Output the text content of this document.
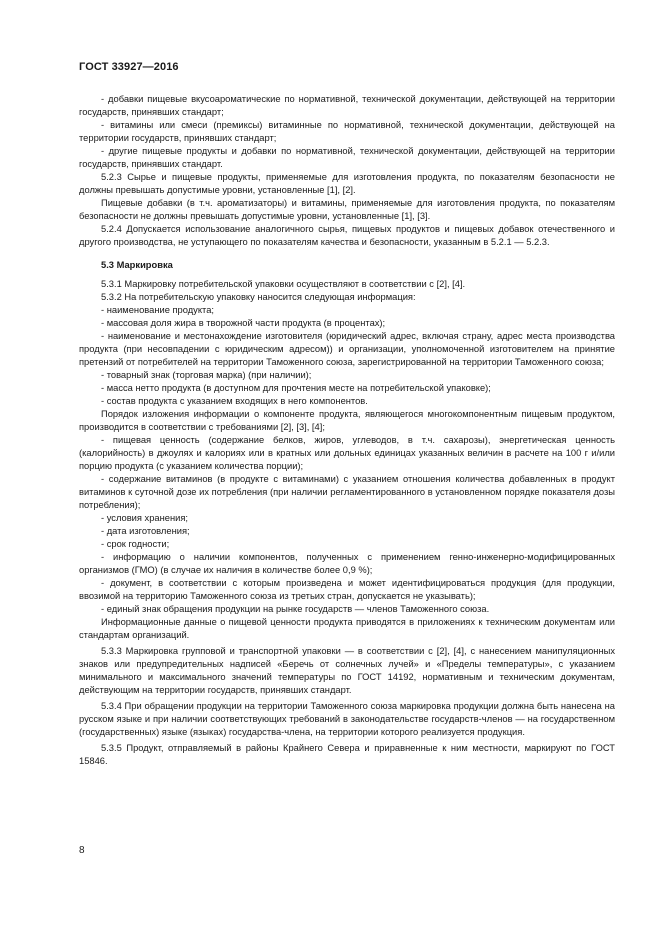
ГОСТ 33927—2016

- добавки пищевые вкусоароматические по нормативной, технической документации, действующей на территории государств, принявших стандарт;

- витамины или смеси (премиксы) витаминные по нормативной, технической документации, действующей на территории государств, принявших стандарт;

- другие пищевые продукты и добавки по нормативной, технической документации, действующей на территории государств, принявших стандарт.

5.2.3 Сырье и пищевые продукты, применяемые для изготовления продукта, по показателям безопасности не должны превышать допустимые уровни, установленные [1], [2].

Пищевые добавки (в т.ч. ароматизаторы) и витамины, применяемые для изготовления продукта, по показателям безопасности не должны превышать допустимые уровни, установленные [1], [3].

5.2.4 Допускается использование аналогичного сырья, пищевых продуктов и пищевых добавок отечественного и другого производства, не уступающего по показателям качества и безопасности, указанным в 5.2.1 — 5.2.3.

5.3 Маркировка

5.3.1 Маркировку потребительской упаковки осуществляют в соответствии с [2], [4].

5.3.2 На потребительскую упаковку наносится следующая информация:

- наименование продукта;

- массовая доля жира в творожной части продукта (в процентах);

- наименование и местонахождение изготовителя (юридический адрес, включая страну, адрес места производства продукта (при несовпадении с юридическим адресом)) и организации, уполномоченной изготовителем на принятие претензий от потребителей на территории Таможенного союза, зарегистрированной на территории Таможенного союза;

- товарный знак (торговая марка) (при наличии);

- масса нетто продукта (в доступном для прочтения месте на потребительской упаковке);

- состав продукта с указанием входящих в него компонентов.

Порядок изложения информации о компоненте продукта, являющегося многокомпонентным пищевым продуктом, производится в соответствии с требованиями [2], [3], [4];

- пищевая ценность (содержание белков, жиров, углеводов, в т.ч. сахарозы), энергетическая ценность (калорийность) в джоулях и калориях или в кратных или дольных единицах указанных величин в расчете на 100 г и/или порцию продукта (с указанием количества порции);

- содержание витаминов (в продукте с витаминами) с указанием отношения количества добавленных в продукт витаминов к суточной дозе их потребления (при наличии регламентированного в установленном порядке показателя дозы потребления);

- условия хранения;

- дата изготовления;

- срок годности;

- информацию о наличии компонентов, полученных с применением генно-инженерно-модифицированных организмов (ГМО) (в случае их наличия в количестве более 0,9 %);

- документ, в соответствии с которым произведена и может идентифицироваться продукция (для продукции, ввозимой на территорию Таможенного союза из третьих стран, допускается не указывать);

- единый знак обращения продукции на рынке государств — членов Таможенного союза.

Информационные данные о пищевой ценности продукта приводятся в приложениях к техническим документам или стандартам организаций.

5.3.3 Маркировка групповой и транспортной упаковки — в соответствии с [2], [4], с нанесением манипуляционных знаков или предупредительных надписей «Беречь от солнечных лучей» и «Пределы температуры», с указанием минимального и максимального значений температуры по ГОСТ 14192, нормативным и техническим документам, действующим на территории государств, принявших стандарт.

5.3.4 При обращении продукции на территории Таможенного союза маркировка продукции должна быть нанесена на русском языке и при наличии соответствующих требований в законодательстве государств-членов — на государственном (государственных) языке (языках) государства-члена, на территории которого реализуется продукция.

5.3.5 Продукт, отправляемый в районы Крайнего Севера и приравненные к ним местности, маркируют по ГОСТ 15846.

8
